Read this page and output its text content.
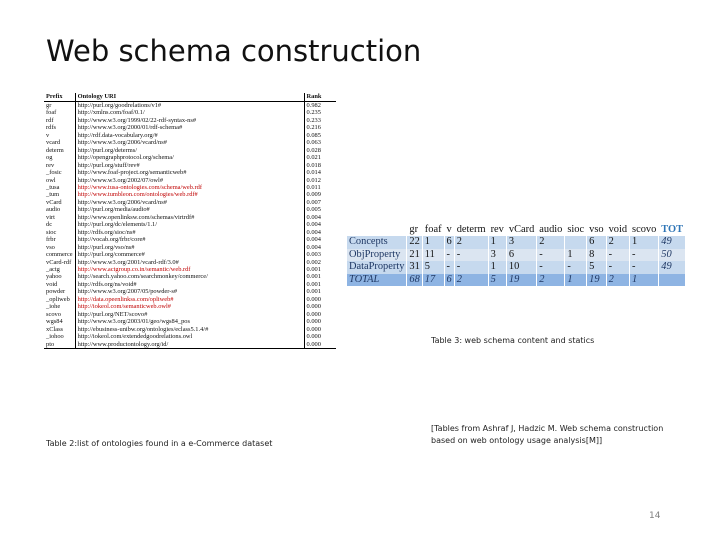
Web schema construction
Prefix	Ontology URI	Rank
gr	http://purl.org/goodrelations/v1#	0.982
foaf	http://xmlns.com/foaf/0.1/	0.235
rdf	http://www.w3.org/1999/02/22-rdf-syntax-ns#	0.233
rdfs	http://www.w3.org/2000/01/rdf-schema#	0.216
v	http://rdf.data-vocabulary.org/#	0.085
vcard	http://www.w3.org/2006/vcard/ns#	0.063
determ	http://purl.org/determs/	0.028
og	http://opengraphprotocol.org/schema/	0.021
rev	http://purl.org/stuff/rev#	0.018
_fosic	http://www.foaf-project.org/semanticweb#	0.014
owl	http://www.w3.org/2002/07/owl#	0.012
_tusa	http://www.tusa-ontologies.com/schema/web.rdf	0.011
_tum	http://www.tumbleon.com/ontologies/web.rdf#	0.009
vCard	http://www.w3.org/2006/vcard/ns#	0.007
audio	http://purl.org/media/audio#	0.005
virt	http://www.openlinksw.com/schemas/virtrdf#	0.004
dc	http://purl.org/dc/elements/1.1/	0.004
sioc	http://rdfs.org/sioc/ns#	0.004
frbr	http://vocab.org/frbr/core#	0.004
vso	http://purl.org/vso/ns#	0.004
commerce	http://purl.org/commerce#	0.003
vCard-rdf	http://www.w3.org/2001/vcard-rdf/3.0#	0.002
_actg	http://www.actgroup.co.in/semantic/web.rdf	0.001
yahoo	http://search.yahoo.com/searchmonkey/commerce/	0.001
void	http://rdfs.org/ns/void#	0.001
powder	http://www.w3.org/2007/05/powder-s#	0.001
_opliweb	http://data.opeenlinkss.com/opliweb#	0.000
_iohe	http://iokeol.com/semanticweb.owl#	0.000
scovo	http://purl.org/NET/scovo#	0.000
wgs84	http://www.w3.org/2003/01/geo/wgs84_pos	0.000
xClass	http://ebusiness-unibw.org/ontologies/eclass5.1.4/#	0.000
_iohoo	http://iokeol.com/extendedgoodrelations.owl	0.000
pto	http://www.productontology.org/id/	0.000
Table 2:list of ontologies found in a e-Commerce dataset
	gr	foaf	v	determ	rev	vCard	audio	sioc	vso	void	scovo	TOT
Concepts	22	1	6	2	1	3	2		6	2	1	49
ObjProperty	21	11	-	-	3	6	-	1	8	-	-	50
DataProperty	31	5	-	-	1	10	-	-	5	-	-	49
TOTAL	68	17	6	2	5	19	2	1	19	2	1	
Table 3: web schema content and statics
[Tables from Ashraf J, Hadzic M. Web schema construction based on web ontology usage analysis[M]]
14
